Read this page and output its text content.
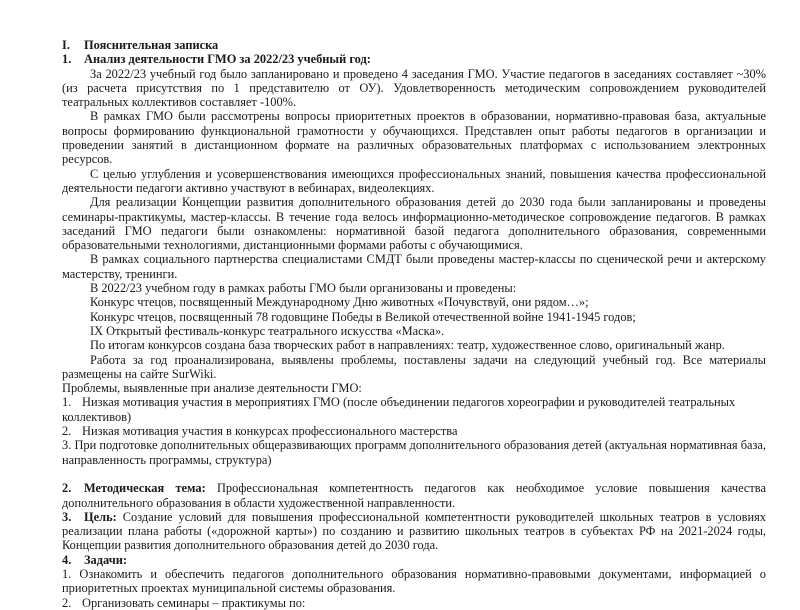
I. Пояснительная записка
1. Анализ деятельности ГМО за 2022/23 учебный год:
За 2022/23 учебный год было запланировано и проведено 4 заседания ГМО. Участие педагогов в заседаниях составляет ~30% (из расчета присутствия по 1 представителю от ОУ). Удовлетворенность методическим сопровождением руководителей театральных коллективов составляет -100%.
В рамках ГМО были рассмотрены вопросы приоритетных проектов в образовании, нормативно-правовая база, актуальные вопросы формированию функциональной грамотности у обучающихся. Представлен опыт работы педагогов в организации и проведении занятий в дистанционном формате на различных образовательных платформах с использованием электронных ресурсов.
С целью углубления и усовершенствования имеющихся профессиональных знаний, повышения качества профессиональной деятельности педагоги активно участвуют в вебинарах, видеолекциях.
Для реализации Концепции развития дополнительного образования детей до 2030 года были запланированы и проведены семинары-практикумы, мастер-классы. В течение года велось информационно-методическое сопровождение педагогов. В рамках заседаний ГМО педагоги были ознакомлены: нормативной базой педагога дополнительного образования, современными образовательными технологиями, дистанционными формами работы с обучающимися.
В рамках социального партнерства специалистами СМДТ были проведены мастер-классы по сценической речи и актерскому мастерству, тренинги.
В 2022/23 учебном году в рамках работы ГМО были организованы и проведены:
Конкурс чтецов, посвященный Международному Дню животных «Почувствуй, они рядом…»;
Конкурс чтецов, посвященный 78 годовщине Победы в Великой отечественной войне 1941-1945 годов;
IX Открытый фестиваль-конкурс театрального искусства «Маска».
По итогам конкурсов создана база творческих работ в направлениях: театр, художественное слово, оригинальный жанр.
Работа за год проанализирована, выявлены проблемы, поставлены задачи на следующий учебный год. Все материалы размещены на сайте SurWiki.
Проблемы, выявленные при анализе деятельности ГМО:
1. Низкая мотивация участия в мероприятиях ГМО (после объединении педагогов хореографии и руководителей театральных коллективов)
2. Низкая мотивация участия в конкурсах профессионального мастерства
3. При подготовке дополнительных общеразвивающих программ дополнительного образования детей (актуальная нормативная база, направленность программы, структура)
2. Методическая тема: Профессиональная компетентность педагогов как необходимое условие повышения качества дополнительного образования в области художественной направленности.
3. Цель: Создание условий для повышения профессиональной компетентности руководителей школьных театров в условиях реализации плана работы («дорожной карты») по созданию и развитию школьных театров в субъектах РФ на 2021-2024 годы, Концепции развития дополнительного образования детей до 2030 года.
4. Задачи:
1. Ознакомить и обеспечить педагогов дополнительного образования нормативно-правовыми документами, информацией о приоритетных проектах муниципальной системы образования.
2. Организовать семинары – практикумы по:
